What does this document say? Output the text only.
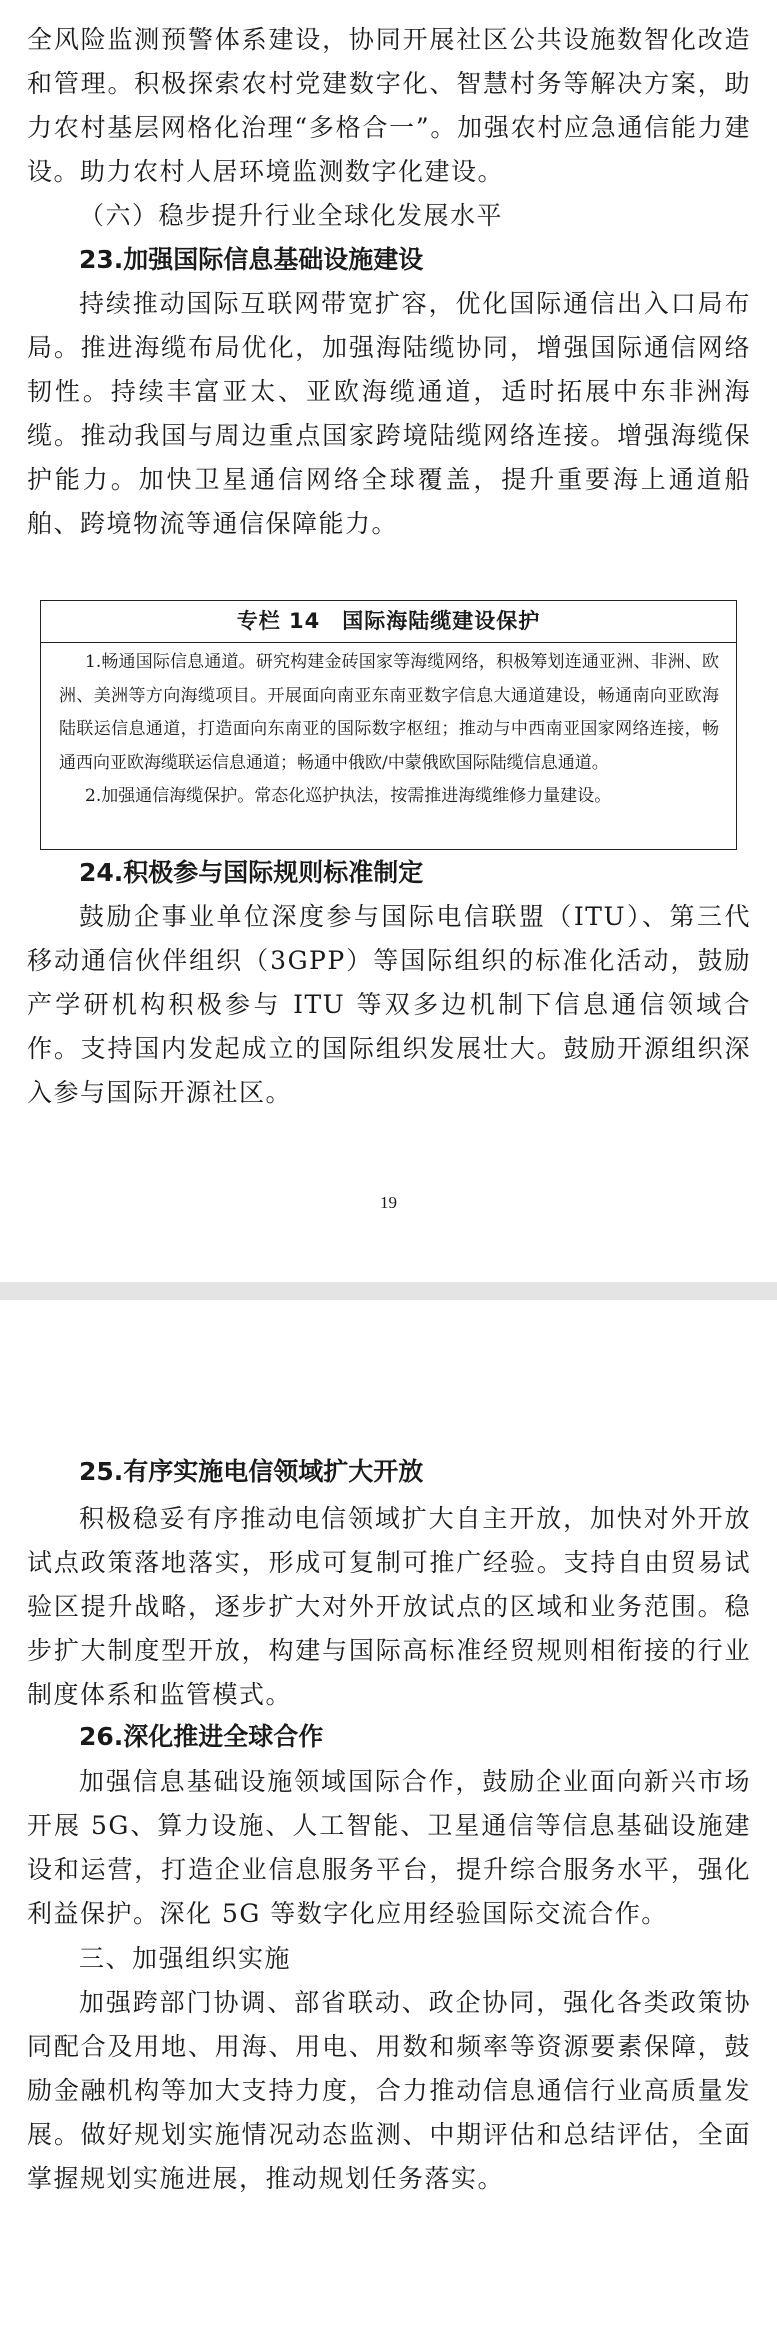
全风险监测预警体系建设，协同开展社区公共设施数智化改造和管理。积极探索农村党建数字化、智慧村务等解决方案，助力农村基层网格化治理“多格合一”。加强农村应急通信能力建设。助力农村人居环境监测数字化建设。

（六）稳步提升行业全球化发展水平

23.加强国际信息基础设施建设

持续推动国际互联网带宽扩容，优化国际通信出入口局布局。推进海缆布局优化，加强海陆缆协同，增强国际通信网络韧性。持续丰富亚太、亚欧海缆通道，适时拓展中东非洲海缆。推动我国与周边重点国家跨境陆缆网络连接。增强海缆保护能力。加快卫星通信网络全球覆盖，提升重要海上通道船舶、跨境物流等通信保障能力。

专栏 14　国际海陆缆建设保护

1.畅通国际信息通道。研究构建金砖国家等海缆网络，积极筹划连通亚洲、非洲、欧洲、美洲等方向海缆项目。开展面向南亚东南亚数字信息大通道建设，畅通南向亚欧海陆联运信息通道，打造面向东南亚的国际数字枢纽；推动与中西南亚国家网络连接，畅通西向亚欧海缆联运信息通道；畅通中俄欧/中蒙俄欧国际陆缆信息通道。

2.加强通信海缆保护。常态化巡护执法，按需推进海缆维修力量建设。

24.积极参与国际规则标准制定

鼓励企事业单位深度参与国际电信联盟（ITU）、第三代移动通信伙伴组织（3GPP）等国际组织的标准化活动，鼓励产学研机构积极参与 ITU 等双多边机制下信息通信领域合作。支持国内发起成立的国际组织发展壮大。鼓励开源组织深入参与国际开源社区。

19

25.有序实施电信领域扩大开放

积极稳妥有序推动电信领域扩大自主开放，加快对外开放试点政策落地落实，形成可复制可推广经验。支持自由贸易试验区提升战略，逐步扩大对外开放试点的区域和业务范围。稳步扩大制度型开放，构建与国际高标准经贸规则相衔接的行业制度体系和监管模式。

26.深化推进全球合作

加强信息基础设施领域国际合作，鼓励企业面向新兴市场开展 5G、算力设施、人工智能、卫星通信等信息基础设施建设和运营，打造企业信息服务平台，提升综合服务水平，强化利益保护。深化 5G 等数字化应用经验国际交流合作。

三、加强组织实施

加强跨部门协调、部省联动、政企协同，强化各类政策协同配合及用地、用海、用电、用数和频率等资源要素保障，鼓励金融机构等加大支持力度，合力推动信息通信行业高质量发展。做好规划实施情况动态监测、中期评估和总结评估，全面掌握规划实施进展，推动规划任务落实。
